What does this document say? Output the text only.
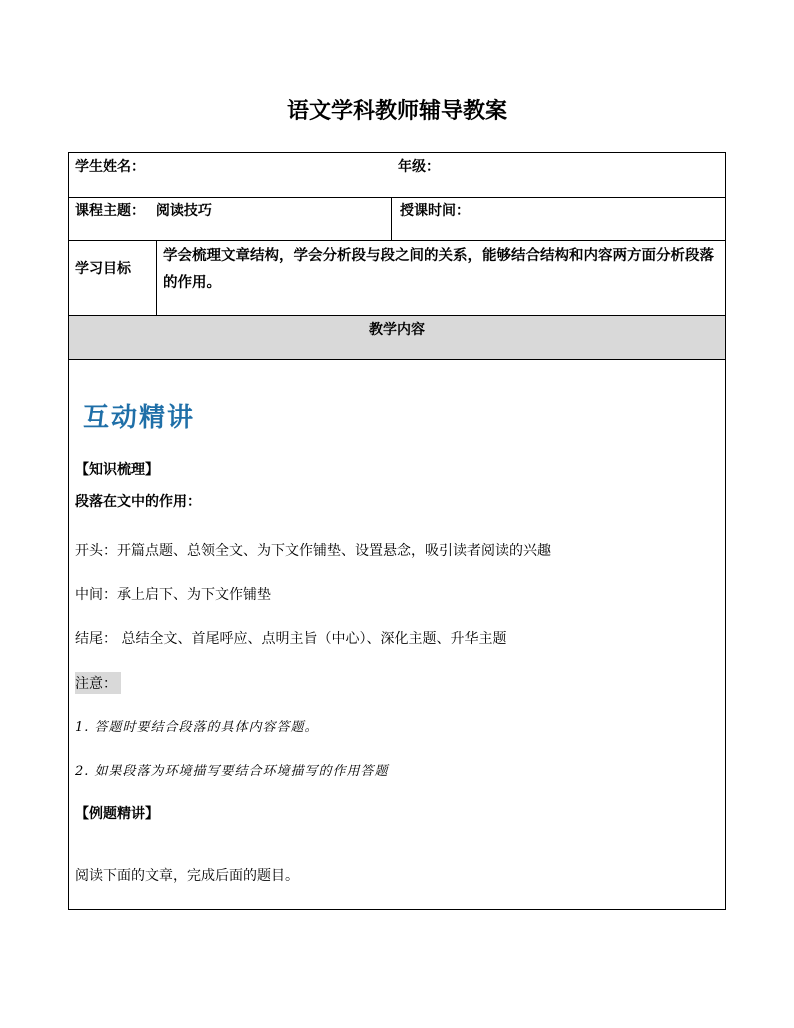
语文学科教师辅导教案
学生姓名：	年级：
课程主题： 阅读技巧	授课时间：
学习目标
学会梳理文章结构，学会分析段与段之间的关系，能够结合结构和内容两方面分析段落的作用。
教学内容
互动精讲
【知识梳理】
段落在文中的作用：
开头：开篇点题、总领全文、为下文作铺垫、设置悬念，吸引读者阅读的兴趣
中间：承上启下、为下文作铺垫
结尾： 总结全文、首尾呼应、点明主旨（中心）、深化主题、升华主题
注意：
1. 答题时要结合段落的具体内容答题。
2. 如果段落为环境描写要结合环境描写的作用答题
【例题精讲】
阅读下面的文章，完成后面的题目。
